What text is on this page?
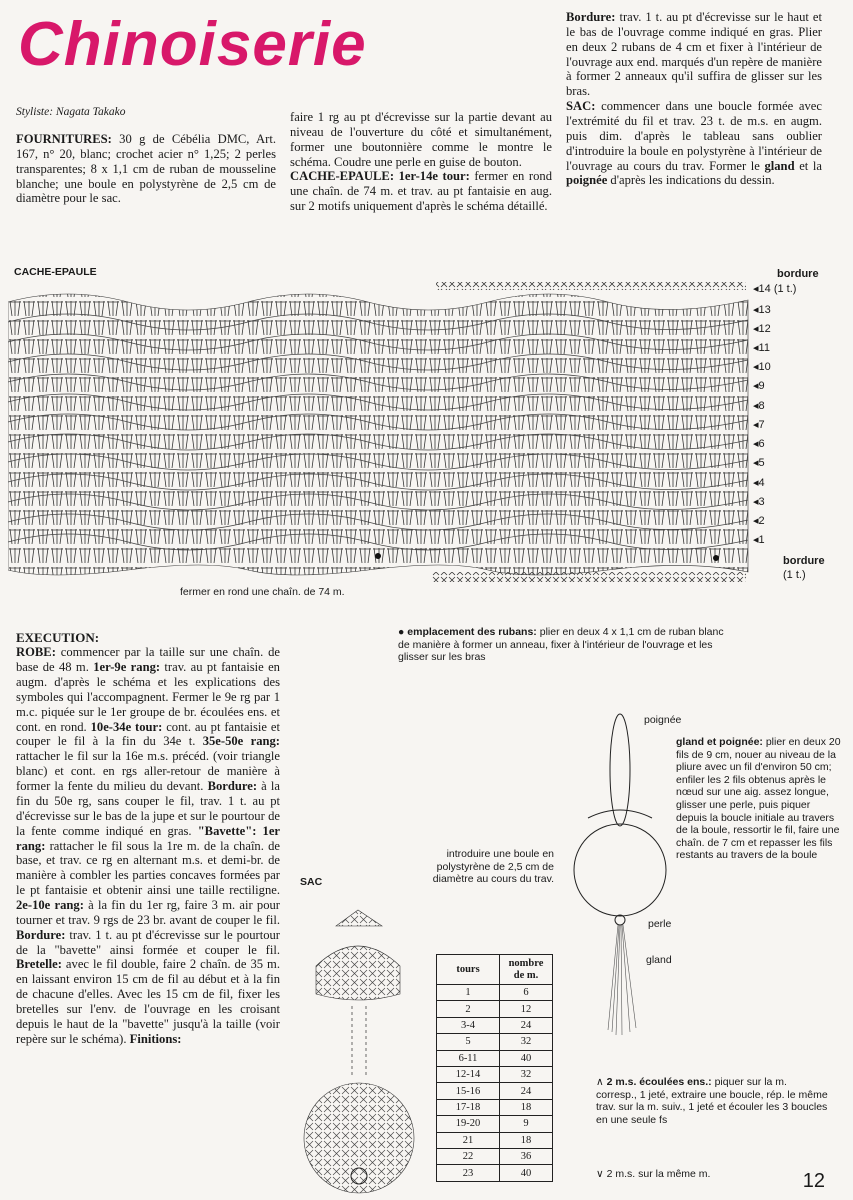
Chinoiserie
Styliste: Nagata Takako
FOURNITURES: 30 g de Cébélia DMC, Art. 167, n° 20, blanc; crochet acier n° 1,25; 2 perles transparentes; 8 x 1,1 cm de ruban de mousseline blanche; une boule en polystyrène de 2,5 cm de diamètre pour le sac.
faire 1 rg au pt d'écrevisse sur la partie devant au niveau de l'ouverture du côté et simultanément, former une boutonnière comme le montre le schéma. Coudre une perle en guise de bouton.
CACHE-EPAULE: 1er-14e tour: fermer en rond une chaîn. de 74 m. et trav. au pt fantaisie en aug. sur 2 motifs uniquement d'après le schéma détaillé.
Bordure: trav. 1 t. au pt d'écrevisse sur le haut et le bas de l'ouvrage comme indiqué en gras. Plier en deux 2 rubans de 4 cm et fixer à l'intérieur de l'ouvrage aux end. marqués d'un repère de manière à former 2 anneaux qu'il suffira de glisser sur les bras.
SAC: commencer dans une boucle formée avec l'extrémité du fil et trav. 23 t. de m.s. en augm. puis dim. d'après le tableau sans oublier d'introduire la boule en polystyrène à l'intérieur de l'ouvrage au cours du trav. Former le gland et la poignée d'après les indications du dessin.
CACHE-EPAULE	bordure
◂14 (1 t.)
◂13
◂12
◂11
◂10
◂9
◂8
◂7
◂6
◂5
◂4
◂3
◂2
◂1
bordure
(1 t.)
fermer en rond une chaîn. de 74 m.
EXECUTION:
ROBE: commencer par la taille sur une chaîn. de base de 48 m. 1er-9e rang: trav. au pt fantaisie en augm. d'après le schéma et les explications des symboles qui l'accompagnent. Fermer le 9e rg par 1 m.c. piquée sur le 1er groupe de br. écoulées ens. et cont. en rond. 10e-34e tour: cont. au pt fantaisie et couper le fil à la fin du 34e t. 35e-50e rang: rattacher le fil sur la 16e m.s. précéd. (voir triangle blanc) et cont. en rgs aller-retour de manière à former la fente du milieu du devant. Bordure: à la fin du 50e rg, sans couper le fil, trav. 1 t. au pt d'écrevisse sur le bas de la jupe et sur le pourtour de la fente comme indiqué en gras. "Bavette": 1er rang: rattacher le fil sous la 1re m. de la chaîn. de base, et trav. ce rg en alternant m.s. et demi-br. de manière à combler les parties concaves formées par le pt fantaisie et obtenir ainsi une taille rectiligne. 2e-10e rang: à la fin du 1er rg, faire 3 m. air pour tourner et trav. 9 rgs de 23 br. avant de couper le fil. Bordure: trav. 1 t. au pt d'écrevisse sur le pourtour de la "bavette" ainsi formée et couper le fil. Bretelle: avec le fil double, faire 2 chaîn. de 35 m. en laissant environ 15 cm de fil au début et à la fin de chacune d'elles. Avec les 15 cm de fil, fixer les bretelles sur l'env. de l'ouvrage en les croisant depuis le haut de la "bavette" jusqu'à la taille (voir repère sur le schéma). Finitions:
● emplacement des rubans: plier en deux 4 x 1,1 cm de ruban blanc de manière à former un anneau, fixer à l'intérieur de l'ouvrage et les glisser sur les bras
SAC
introduire une boule en polystyrène de 2,5 cm de diamètre au cours du trav.
poignée
perle
gland
gland et poignée: plier en deux 20 fils de 9 cm, nouer au niveau de la pliure avec un fil d'environ 50 cm; enfiler les 2 fils obtenus après le nœud sur une aig. assez longue, glisser une perle, puis piquer depuis la boucle initiale au travers de la boule, ressortir le fil, faire une chaîn. de 7 cm et repasser les fils restants au travers de la boule
tours	nombre de m.
1	6
2	12
3-4	24
5	32
6-11	40
12-14	32
15-16	24
17-18	18
19-20	9
21	18
22	36
23	40
∧ 2 m.s. écoulées ens.: piquer sur la m. corresp., 1 jeté, extraire une boucle, rép. le même trav. sur la m. suiv., 1 jeté et écouler les 3 boucles en une seule fs
∨ 2 m.s. sur la même m.	12
